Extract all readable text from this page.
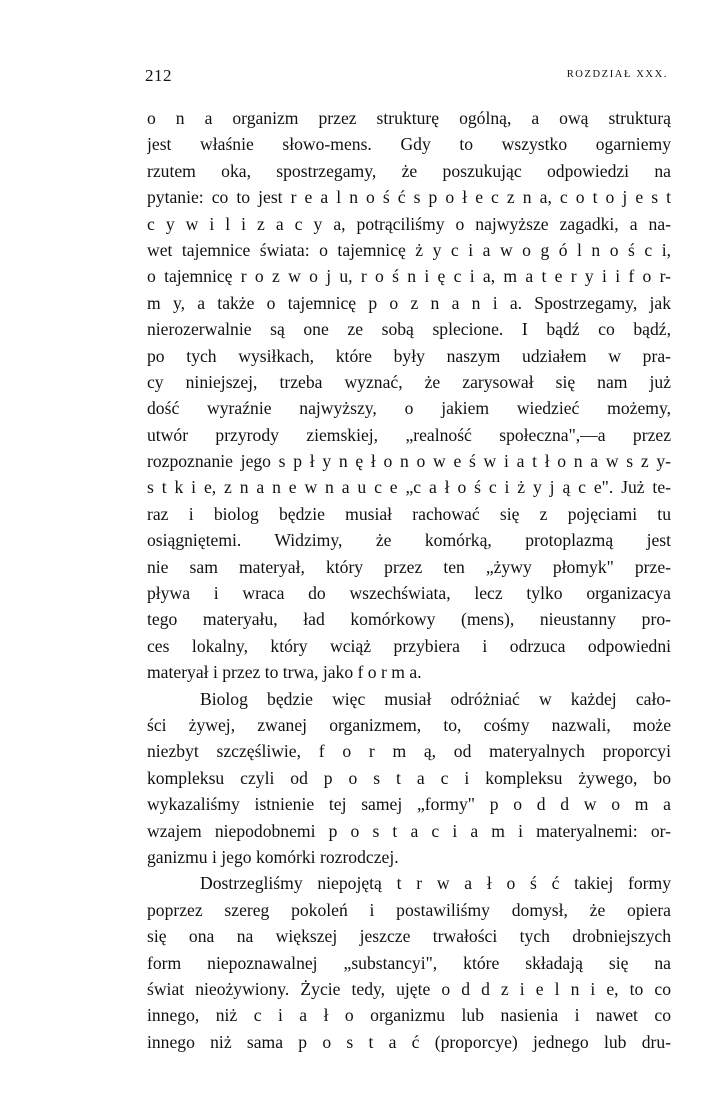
212	ROZDZIAŁ XXX.
o n a organizm przez strukturę ogólną, a ową strukturą
jest właśnie słowo-mens. Gdy to wszystko ogarniemy
rzutem oka, spostrzegamy, że poszukując odpowiedzi na
pytanie: co to jest r e a l n o ś ć s p o ł e c z n a, c o t o j e s t
c y w i l i z a c y a, potrąciliśmy o najwyższe zagadki, a na-
wet tajemnice świata: o tajemnicę ż y c i a w o g ó l n o ś c i,
o tajemnicę r o z w o j u, r o ś n i ę c i a, m a t e r y i i f o r-
m y, a także o tajemnicę p o z n a n i a. Spostrzegamy, jak
nierozerwalnie są one ze sobą splecione. I bądź co bądź,
po tych wysiłkach, które były naszym udziałem w pra-
cy niniejszej, trzeba wyznać, że zarysował się nam już
dość wyraźnie najwyższy, o jakiem wiedzieć możemy,
utwór przyrody ziemskiej, „realność społeczna",—a przez
rozpoznanie jego s p ł y n ę ł o n o w e ś w i a t ł o n a w s z y-
s t k i e, z n a n e w n a u c e „c a ł o ś c i ż y j ą c e". Już te-
raz i biolog będzie musiał rachować się z pojęciami tu
osiągniętemi. Widzimy, że komórką, protoplazmą jest
nie sam materyał, który przez ten „żywy płomyk" prze-
pływa i wraca do wszechświata, lecz tylko organizacya
tego materyału, ład komórkowy (mens), nieustanny pro-
ces lokalny, który wciąż przybiera i odrzuca odpowiedni
materyał i przez to trwa, jako f o r m a.
Biolog będzie więc musiał odróżniać w każdej cało-
ści żywej, zwanej organizmem, to, cośmy nazwali, może
niezbyt szczęśliwie, f o r m ą, od materyalnych proporcyi
kompleksu czyli od p o s t a c i kompleksu żywego, bo
wykazaliśmy istnienie tej samej „formy" p o d d w o m a
wzajem niepodobnemi p o s t a c i a m i materyalnemi: or-
ganizmu i jego komórki rozrodczej.
Dostrzegliśmy niepojętą t r w a ł o ś ć takiej formy
poprzez szereg pokoleń i postawiliśmy domysł, że opiera
się ona na większej jeszcze trwałości tych drobniejszych
form niepoznawalnej „substancyi", które składają się na
świat nieożywiony. Życie tedy, ujęte o d d z i e l n i e, to co
innego, niż c i a ł o organizmu lub nasienia i nawet co
innego niż sama p o s t a ć (proporcye) jednego lub dru-
